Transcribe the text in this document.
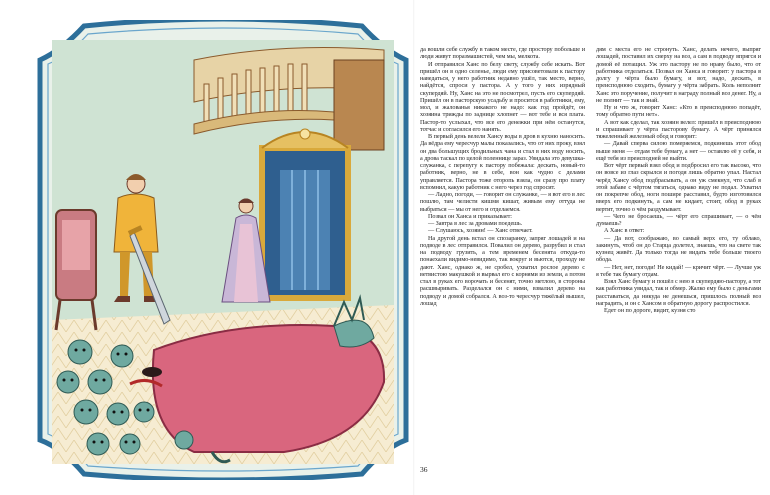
да вошли себе службу в таком месте, где простору побольше и люди живут поразмашистей, чем мы, мелкота.

И отправился Ханс по белу свету, службу себе искать. Вот пришёл он в одно селенье, люди ему присоветовали к пастору наведаться, у него работник недавно ушёл, так место, верно, найдётся, спроси у пастора. А у того у них изрядный скупердяй. Ну, Ханс на это не посмотрел, пусть его скупердяй. Пришёл он в пасторскую усадьбу и просится в работники, ему, мол, и жалованья никакого не надо: как год пройдёт, он хозяина трижды по задницe хлопнет — вот тебе и вся плата. Пастор-то услыхал, что все его денежки при нём останутся, тотчас и согласился его нанять.

В первый день велели Хансу воды в дров в кухню наносить. Да вёдра ему чересчур малы показались, что от них проку, взял он два большущих бродильных чана и стал в них воду носить, а дрова таскал по целой поленнице зараз. Увидала это девушка-служанка, с перепугу к пастору побежала: дескать, новый-то работник, верно, не в себе, вон как чудно с делами управляется. Пастора тоже оторопь взяла, он сразу про плату вспомнил, какую работник с него через год спросит.

— Ладно, погоди, — говорит он служанке, — я вот его в лес пошлю, там челисти кишмя кишат, живым ему оттуда не выбраться — мы от него и отделаемся.

Позвал он Ханса и приказывает:

— Завтра в лес за дровами поедешь.

— Слушаюсь, хозяин! — Ханс отвечает.

На другой день встал он спозаранку, запряг лошадей и на подводе в лес отправился. Повалил он дерево, разрубил и стал на подводу грузить, а тем временем бесенята откуда-то понаехали видимо-невидимо, так вокруг и вьются, проходу не дают. Ханс, однако ж, не сробел, ухватил рослое дерево с ветвистою макушкой и вырвал его с корнями из земли, а потом стал в руках его ворочать и бесенят, точно метлою, в стороны расшвыривать. Разделался он с ними, взвалил дерево на подводу и домой собрался. А воз-то чересчур тяжёлый вышел, лошад

дям с места его не стронуть. Ханс, делать нечего, выпряг лошадей, поставил их сверху на воз, а сам в подводу впрягся и домой её потащил. Уж это пастору не по нраву было, что от работника отделаться. Позвал он Ханса и говорит: у пастора в долгу у чёрта было бумагу, и вот, надо, дескать, в преисподнюю сходить, бумагу у чёрта забрать. Коль неполнит Ханс это поручение, получит в награду полный воз денег. Ну, а не полнит — так и знай.

Ну и что ж, говорит Ханс: «Кто в преисподнюю попадёт, тому обратно пути нет».

А вот как сделал, так хозяин велел: пришёл в преисподнюю и спрашивает у чёрта пасторову бумагу. А чёрт принялся тяжеленный железный обод и говорит:

— Давай сперва силою померяемся, подкинешь этот обод выше меня — отдам тебе бумагу, а нет — оставлю её у себя, и ещё тебя из преисподней не выйти.

Вот чёрт первый взял обод и подбросил его так высоко, что он вовсе из глаз скрылся и погодя лишь обратно упал. Настал черёд Хансу обод подбрасывать, а он уж смекнул, что слаб в этой забаве с чёртом тягаться, однако виду не подал. Ухватил он покрепче обод, ноги пошире расставил, будто изготовился вверх его подкинуть, а сам не кидает, стоит, обод в руках вертит, точно о чём раздумывает.

— Чего не бросаешь, — чёрт его спрашивает, — о чём думаешь?

А Ханс в ответ:

— Да вот, соображаю, во самый верх его, ту облако, закинуть, чтоб он до Старца долетел, знаешь, что на свете так кузнец живёт. Да только тогда не видать тебе больше твоего обода.

— Нет, нет, погоди! Не кидай! — кричит чёрт. — Лучше уж я тебе так бумагу отдам.

Взял Ханс бумагу и пошёл с нею в скупердяю-пастору, а тот как работника увидал, так и обмер. Жалко ему было с деньгами расставаться, да никуда не денешься, пришлось полный воз наградить, и он с Хансом в обратную дорогу распростился.

Едет он по дороге, видит, кузня сто

36
